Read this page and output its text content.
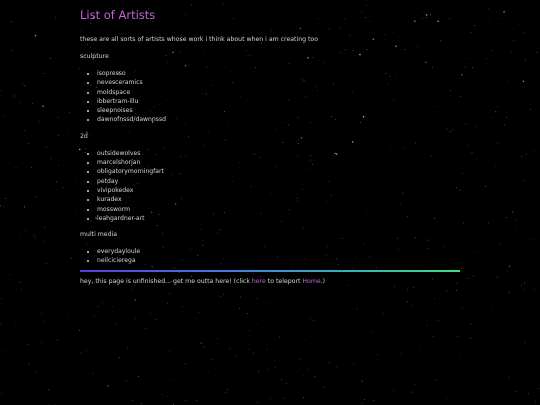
List of Artists

these are all sorts of artists whose work i think about when i am creating too

sculpture

• isopresso
• nevesceramics
• moldspace
• ibbertram-illu
• sleepnoises
• dawnofnssd/dawnnssd

2d

• outsidewolves
• marcelshorjan
• obligatorymorningfart
• petday
• vivipokedex
• kuradex
• mossworm
• leahgardner-art

multi media

• everydayloule
• neilcicierega

hey, this page is unfinished... get me outta here! (click here to teleport Home.)
